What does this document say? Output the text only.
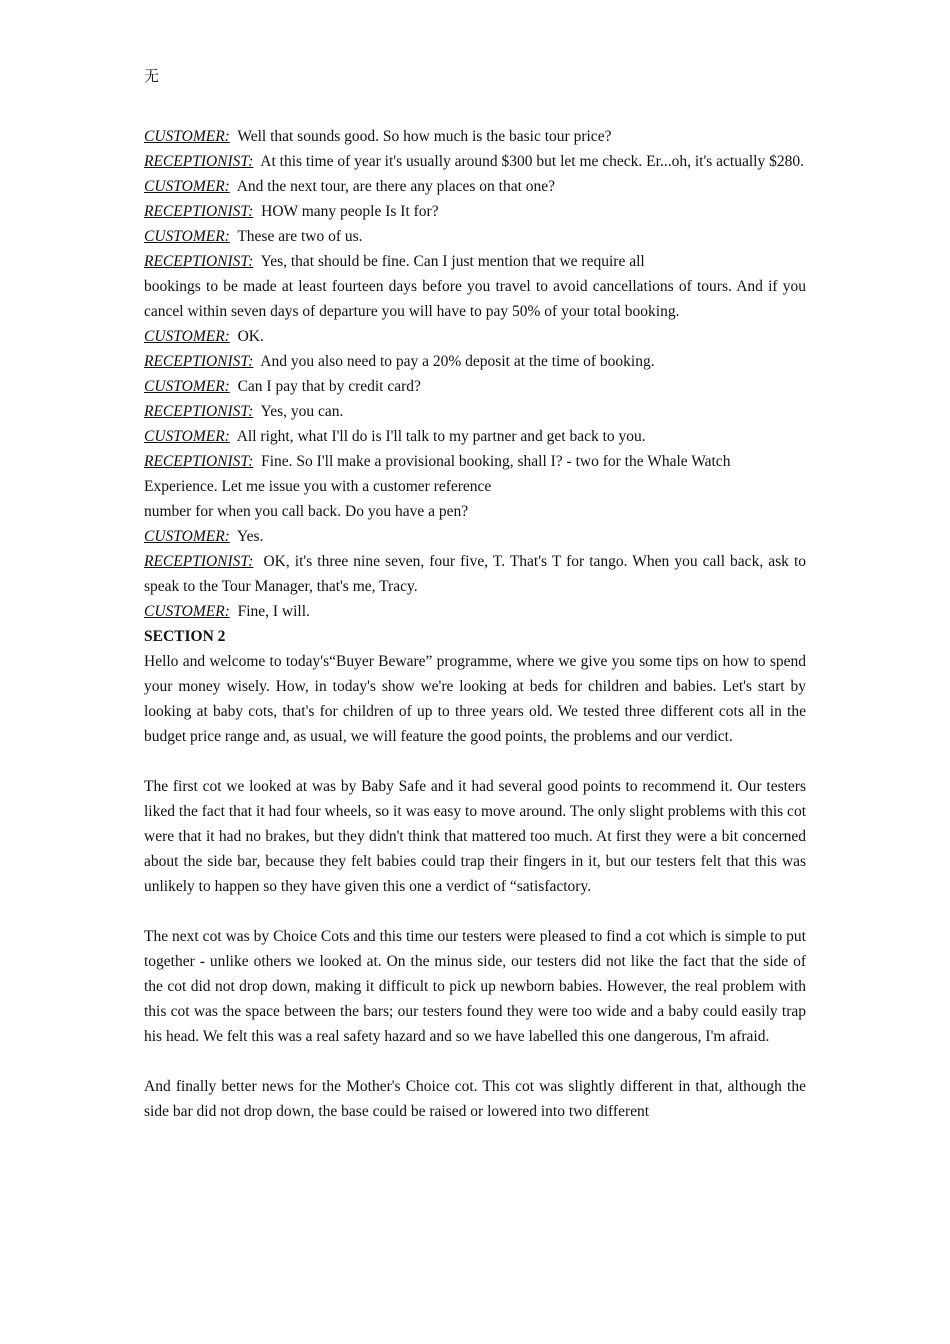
无
CUSTOMER: Well that sounds good. So how much is the basic tour price?
RECEPTIONIST: At this time of year it's usually around $300 but let me check. Er...oh, it's actually $280.
CUSTOMER: And the next tour, are there any places on that one?
RECEPTIONIST: HOW many people Is It for?
CUSTOMER: These are two of us.
RECEPTIONIST: Yes, that should be fine. Can I just mention that we require all
bookings to be made at least fourteen days before you travel to avoid cancellations of tours. And if you cancel within seven days of departure you will have to pay 50% of your total booking.
CUSTOMER: OK.
RECEPTIONIST: And you also need to pay a 20% deposit at the time of booking.
CUSTOMER: Can I pay that by credit card?
RECEPTIONIST: Yes, you can.
CUSTOMER: All right, what I'll do is I'll talk to my partner and get back to you.
RECEPTIONIST: Fine. So I'll make a provisional booking, shall I? - two for the Whale Watch Experience. Let me issue you with a customer reference
number for when you call back. Do you have a pen?
CUSTOMER: Yes.
RECEPTIONIST: OK, it's three nine seven, four five, T. That's T for tango. When you call back, ask to speak to the Tour Manager, that's me, Tracy.
CUSTOMER: Fine, I will.
SECTION 2
Hello and welcome to today's“Buyer Beware” programme, where we give you some tips on how to spend your money wisely. How, in today's show we're looking at beds for children and babies. Let's start by looking at baby cots, that's for children of up to three years old. We tested three different cots all in the budget price range and, as usual, we will feature the good points, the problems and our verdict.
The first cot we looked at was by Baby Safe and it had several good points to recommend it. Our testers liked the fact that it had four wheels, so it was easy to move around. The only slight problems with this cot were that it had no brakes, but they didn't think that mattered too much. At first they were a bit concerned about the side bar, because they felt babies could trap their fingers in it, but our testers felt that this was unlikely to happen so they have given this one a verdict of “satisfactory.
The next cot was by Choice Cots and this time our testers were pleased to find a cot which is simple to put together - unlike others we looked at. On the minus side, our testers did not like the fact that the side of the cot did not drop down, making it difficult to pick up newborn babies. However, the real problem with this cot was the space between the bars; our testers found they were too wide and a baby could easily trap his head. We felt this was a real safety hazard and so we have labelled this one dangerous, I'm afraid.
And finally better news for the Mother's Choice cot. This cot was slightly different in that, although the side bar did not drop down, the base could be raised or lowered into two different
